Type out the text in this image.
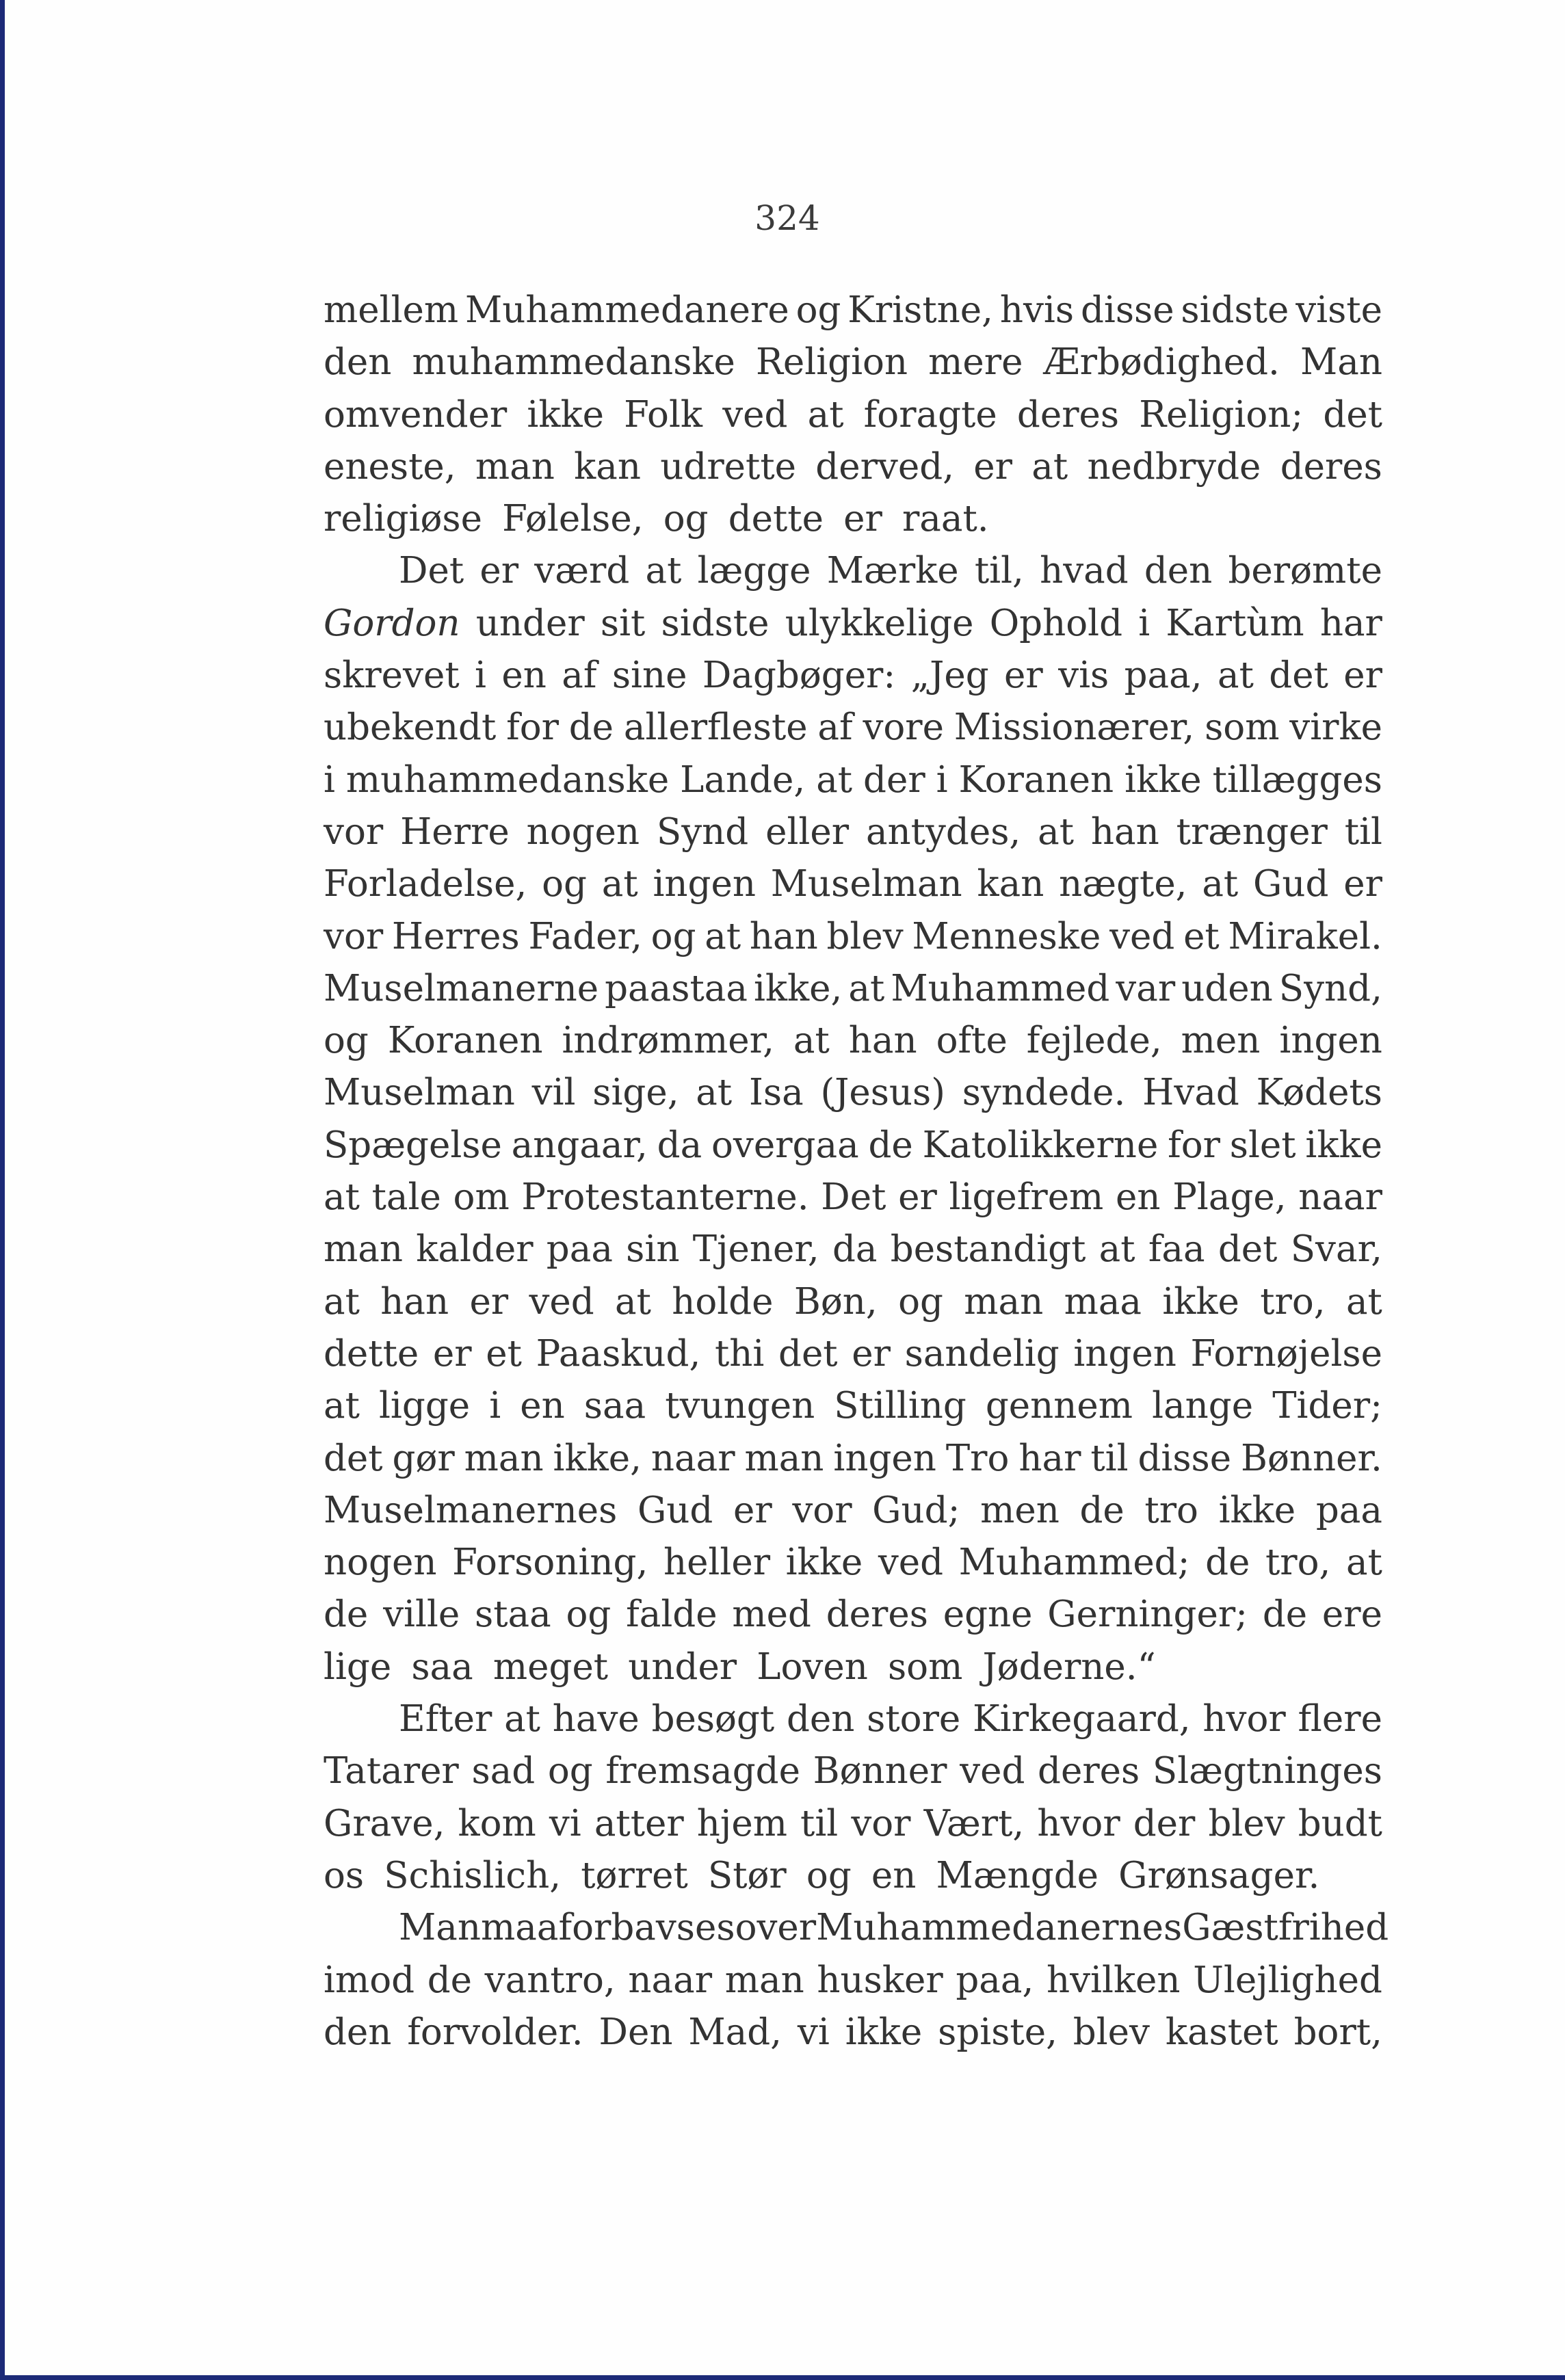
324
mellem Muhammedanere og Kristne, hvis disse sidste viste
den muhammedanske Religion mere Ærbødighed. Man
omvender ikke Folk ved at foragte deres Religion; det
eneste, man kan udrette derved, er at nedbryde deres
religiøse Følelse, og dette er raat.
Det er værd at lægge Mærke til, hvad den berømte
Gordon under sit sidste ulykkelige Ophold i Kartùm har
skrevet i en af sine Dagbøger: „Jeg er vis paa, at det er
ubekendt for de allerfleste af vore Missionærer, som virke
i muhammedanske Lande, at der i Koranen ikke tillægges
vor Herre nogen Synd eller antydes, at han trænger til
Forladelse, og at ingen Muselman kan nægte, at Gud er
vor Herres Fader, og at han blev Menneske ved et Mirakel.
Muselmanerne paastaa ikke, at Muhammed var uden Synd,
og Koranen indrømmer, at han ofte fejlede, men ingen
Muselman vil sige, at Isa (Jesus) syndede. Hvad Kødets
Spægelse angaar, da overgaa de Katolikkerne for slet ikke
at tale om Protestanterne. Det er ligefrem en Plage, naar
man kalder paa sin Tjener, da bestandigt at faa det Svar,
at han er ved at holde Bøn, og man maa ikke tro, at
dette er et Paaskud, thi det er sandelig ingen Fornøjelse
at ligge i en saa tvungen Stilling gennem lange Tider;
det gør man ikke, naar man ingen Tro har til disse Bønner.
Muselmanernes Gud er vor Gud; men de tro ikke paa
nogen Forsoning, heller ikke ved Muhammed; de tro, at
de ville staa og falde med deres egne Gerninger; de ere
lige saa meget under Loven som Jøderne.“
Efter at have besøgt den store Kirkegaard, hvor flere
Tatarer sad og fremsagde Bønner ved deres Slægtninges
Grave, kom vi atter hjem til vor Vært, hvor der blev budt
os Schislich, tørret Stør og en Mængde Grønsager.
Man maa forbavses over Muhammedanernes Gæstfrihed
imod de vantro, naar man husker paa, hvilken Ulejlighed
den forvolder. Den Mad, vi ikke spiste, blev kastet bort,
